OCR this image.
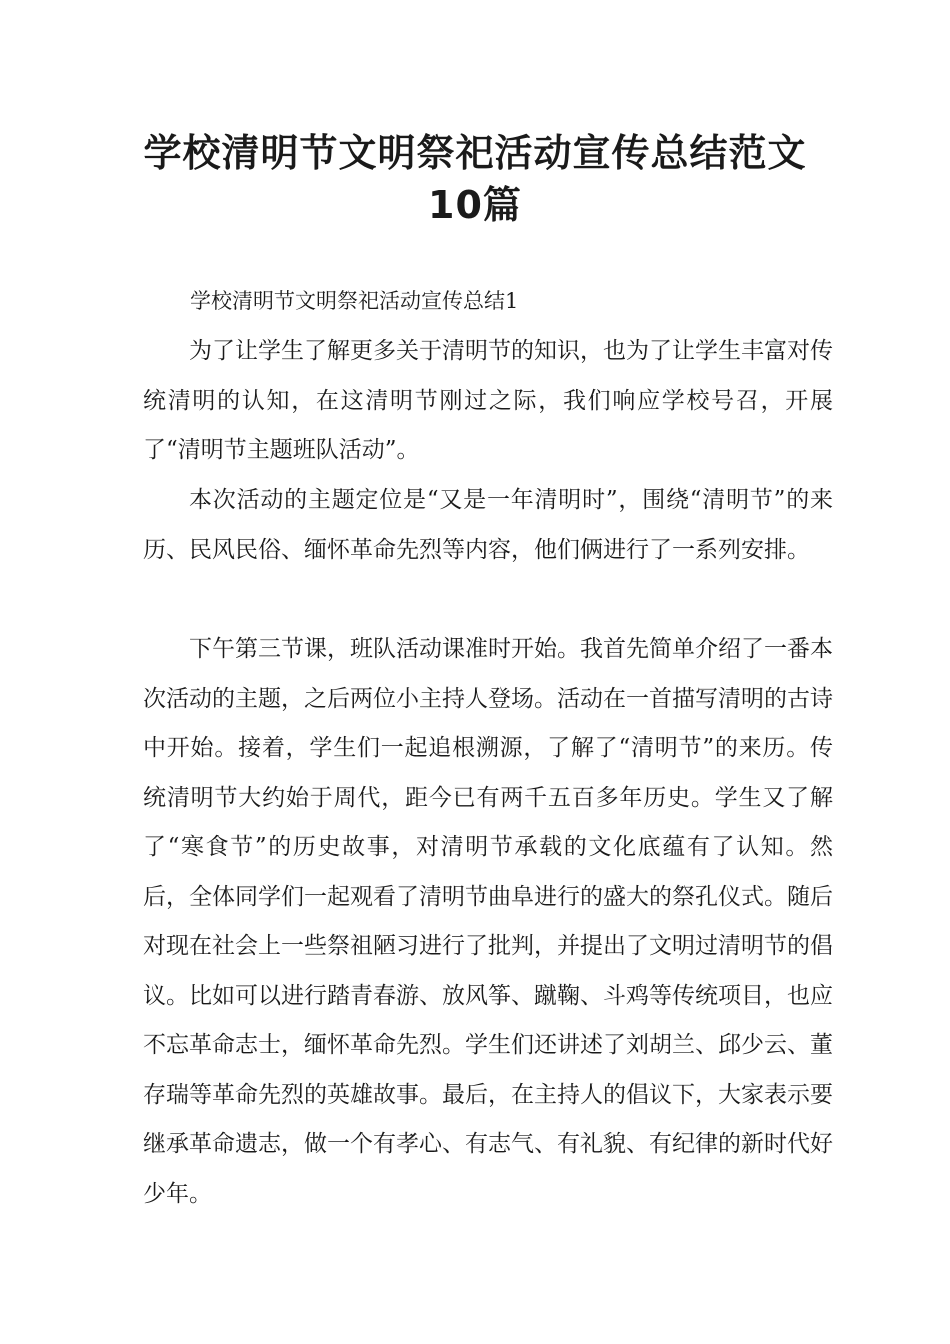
学校清明节文明祭祀活动宣传总结范文
10篇

学校清明节文明祭祀活动宣传总结1

为了让学生了解更多关于清明节的知识，也为了让学生丰富对传统清明的认知，在这清明节刚过之际，我们响应学校号召，开展了“清明节主题班队活动”。

本次活动的主题定位是“又是一年清明时”，围绕“清明节”的来历、民风民俗、缅怀革命先烈等内容，他们俩进行了一系列安排。

下午第三节课，班队活动课准时开始。我首先简单介绍了一番本次活动的主题，之后两位小主持人登场。活动在一首描写清明的古诗中开始。接着，学生们一起追根溯源，了解了“清明节”的来历。传统清明节大约始于周代，距今已有两千五百多年历史。学生又了解了“寒食节”的历史故事，对清明节承载的文化底蕴有了认知。然后，全体同学们一起观看了清明节曲阜进行的盛大的祭孔仪式。随后对现在社会上一些祭祖陋习进行了批判，并提出了文明过清明节的倡议。比如可以进行踏青春游、放风筝、蹴鞠、斗鸡等传统项目，也应不忘革命志士，缅怀革命先烈。学生们还讲述了刘胡兰、邱少云、董存瑞等革命先烈的英雄故事。最后，在主持人的倡议下，大家表示要继承革命遗志，做一个有孝心、有志气、有礼貌、有纪律的新时代好少年。
